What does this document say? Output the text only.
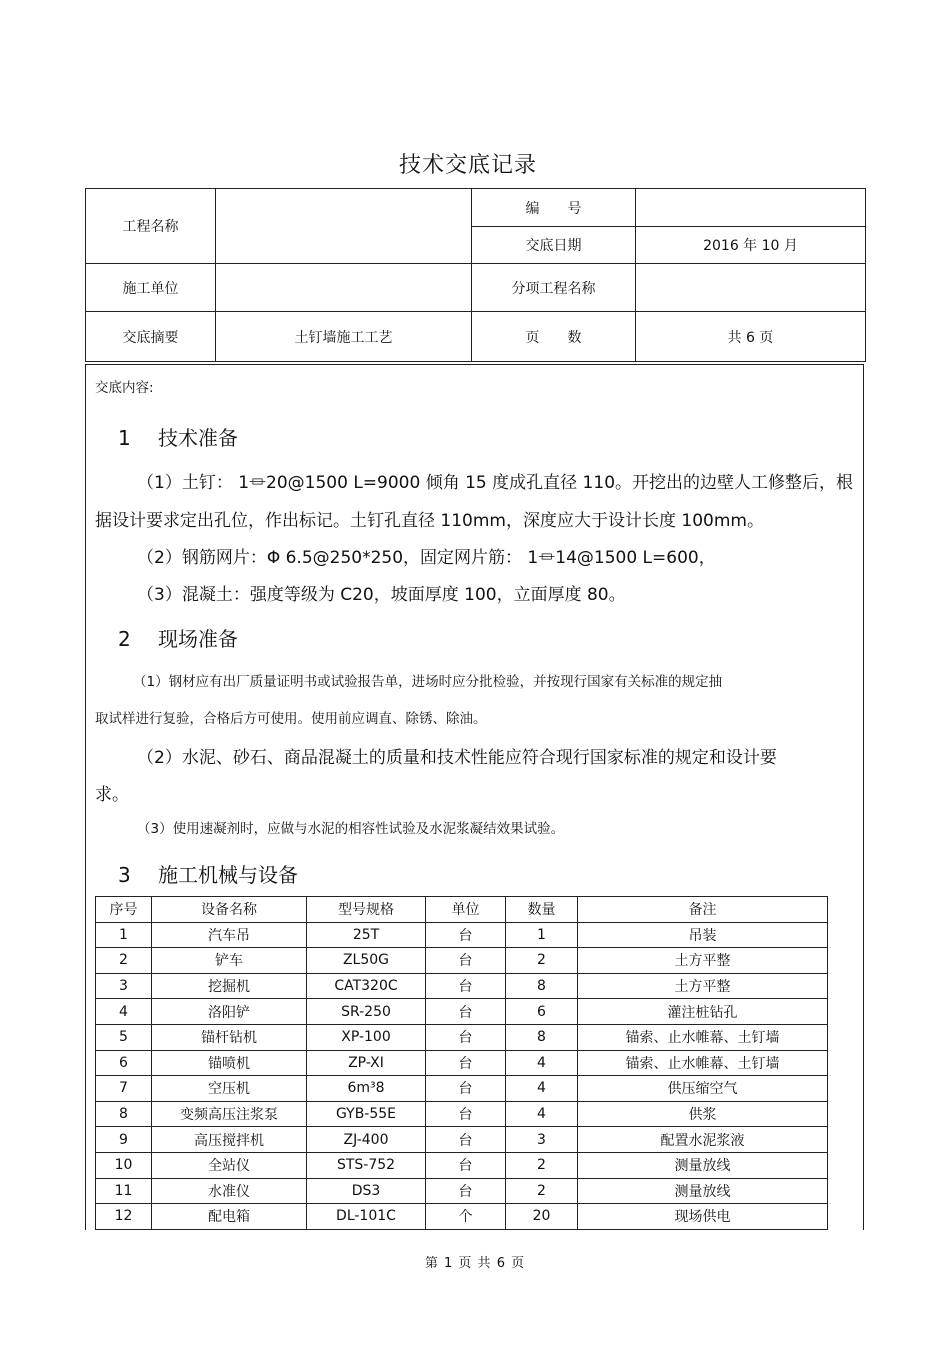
技术交底记录
工程名称		编　　号	
		交底日期	2016 年 10 月
施工单位		分项工程名称	
交底摘要	土钉墙施工工艺	页　　数	共 6 页
交底内容:
1 技术准备
（1）土钉： 1⏛20@1500 L=9000 倾角 15 度成孔直径 110。开挖出的边壁人工修整后，根
据设计要求定出孔位，作出标记。土钉孔直径 110mm，深度应大于设计长度 100mm。
（2）钢筋网片：Φ 6.5@250*250，固定网片筋： 1⏛14@1500 L=600，
（3）混凝土：强度等级为 C20，坡面厚度 100，立面厚度 80。
2 现场准备
（1）钢材应有出厂质量证明书或试验报告单，进场时应分批检验，并按现行国家有关标准的规定抽
取试样进行复验，合格后方可使用。使用前应调直、除锈、除油。
（2）水泥、砂石、商品混凝土的质量和技术性能应符合现行国家标准的规定和设计要
求。
（3）使用速凝剂时，应做与水泥的相容性试验及水泥浆凝结效果试验。
3 施工机械与设备
序号	设备名称	型号规格	单位	数量	备注
1	汽车吊	25T	台	1	吊装
2	铲车	ZL50G	台	2	土方平整
3	挖掘机	CAT320C	台	8	土方平整
4	洛阳铲	SR-250	台	6	灌注桩钻孔
5	锚杆钻机	XP-100	台	8	锚索、止水帷幕、土钉墙
6	锚喷机	ZP-XI	台	4	锚索、止水帷幕、土钉墙
7	空压机	6m³8	台	4	供压缩空气
8	变频高压注浆泵	GYB-55E	台	4	供浆
9	高压搅拌机	ZJ-400	台	3	配置水泥浆液
10	全站仪	STS-752	台	2	测量放线
11	水准仪	DS3	台	2	测量放线
12	配电箱	DL-101C	个	20	现场供电
第 1 页 共 6 页
